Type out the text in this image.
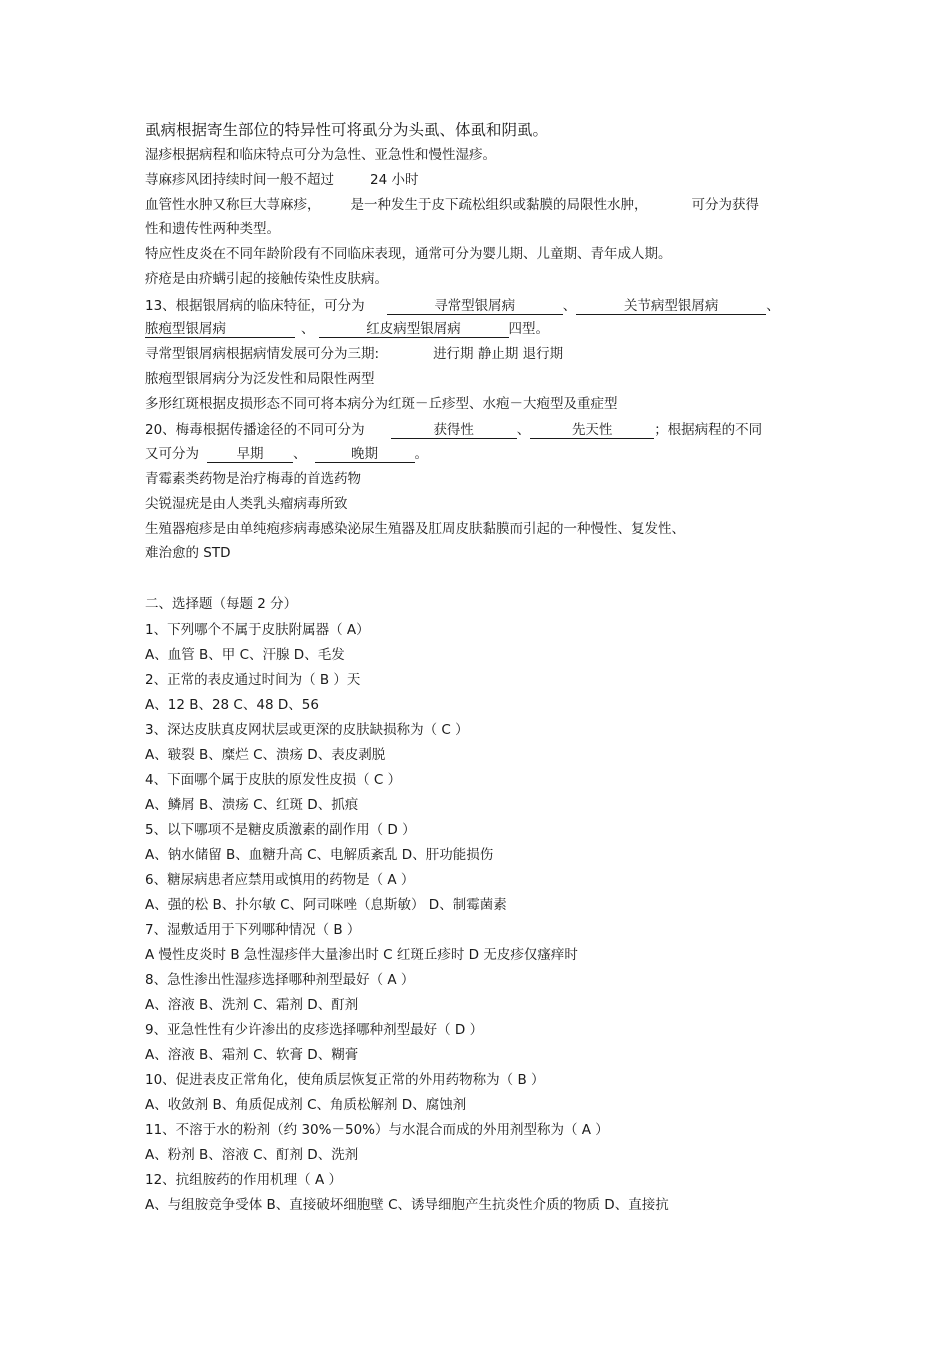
虱病根据寄生部位的特异性可将虱分为头虱、体虱和阴虱。
湿疹根据病程和临床特点可分为急性、亚急性和慢性湿疹。
荨麻疹风团持续时间一般不超过	24 小时
血管性水肿又称巨大荨麻疹， 是一种发生于皮下疏松组织或黏膜的局限性水肿，	可分为获得
性和遗传性两种类型。
特应性皮炎在不同年龄阶段有不同临床表现，通常可分为婴儿期、儿童期、青年成人期。
疥疮是由疥螨引起的接触传染性皮肤病。
13、根据银屑病的临床特征，可分为	寻常型银屑病	、	关节病型银屑病	、
脓疱型银屑病	、	红皮病型银屑病	四型。
寻常型银屑病根据病情发展可分为三期:	进行期 静止期 退行期
脓疱型银屑病分为泛发性和局限性两型
多形红斑根据皮损形态不同可将本病分为红斑－丘疹型、水疱－大疱型及重症型
20、梅毒根据传播途径的不同可分为	获得性	、	先天性	；根据病程的不同
又可分为	早期 、	晚期	。
青霉素类药物是治疗梅毒的首选药物
尖锐湿疣是由人类乳头瘤病毒所致
生殖器疱疹是由单纯疱疹病毒感染泌尿生殖器及肛周皮肤黏膜而引起的一种慢性、复发性、
难治愈的 STD
二、选择题（每题 2 分）
1、下列哪个不属于皮肤附属器（ A）
A、血管 B、甲 C、汗腺 D、毛发
2、正常的表皮通过时间为（ B ）天
A、12 B、28 C、48 D、56
3、深达皮肤真皮网状层或更深的皮肤缺损称为（ C ）
A、皲裂 B、糜烂 C、溃疡 D、表皮剥脱
4、下面哪个属于皮肤的原发性皮损（ C ）
A、鳞屑 B、溃疡 C、红斑 D、抓痕
5、以下哪项不是糖皮质激素的副作用（ D ）
A、钠水储留 B、血糖升高 C、电解质紊乱 D、肝功能损伤
6、糖尿病患者应禁用或慎用的药物是（ A ）
A、强的松 B、扑尔敏 C、阿司咪唑（息斯敏） D、制霉菌素
7、湿敷适用于下列哪种情况（ B ）
A 慢性皮炎时 B 急性湿疹伴大量渗出时 C 红斑丘疹时 D 无皮疹仅瘙痒时
8、急性渗出性湿疹选择哪种剂型最好（ A ）
A、溶液 B、洗剂 C、霜剂 D、酊剂
9、亚急性性有少许渗出的皮疹选择哪种剂型最好（ D ）
A、溶液 B、霜剂 C、软膏 D、糊膏
10、促进表皮正常角化，使角质层恢复正常的外用药物称为（ B ）
A、收敛剂 B、角质促成剂 C、角质松解剂 D、腐蚀剂
11、不溶于水的粉剂（约 30%－50%）与水混合而成的外用剂型称为（ A ）
A、粉剂 B、溶液 C、酊剂 D、洗剂
12、抗组胺药的作用机理（ A ）
A、与组胺竞争受体 B、直接破坏细胞壁 C、诱导细胞产生抗炎性介质的物质 D、直接抗
